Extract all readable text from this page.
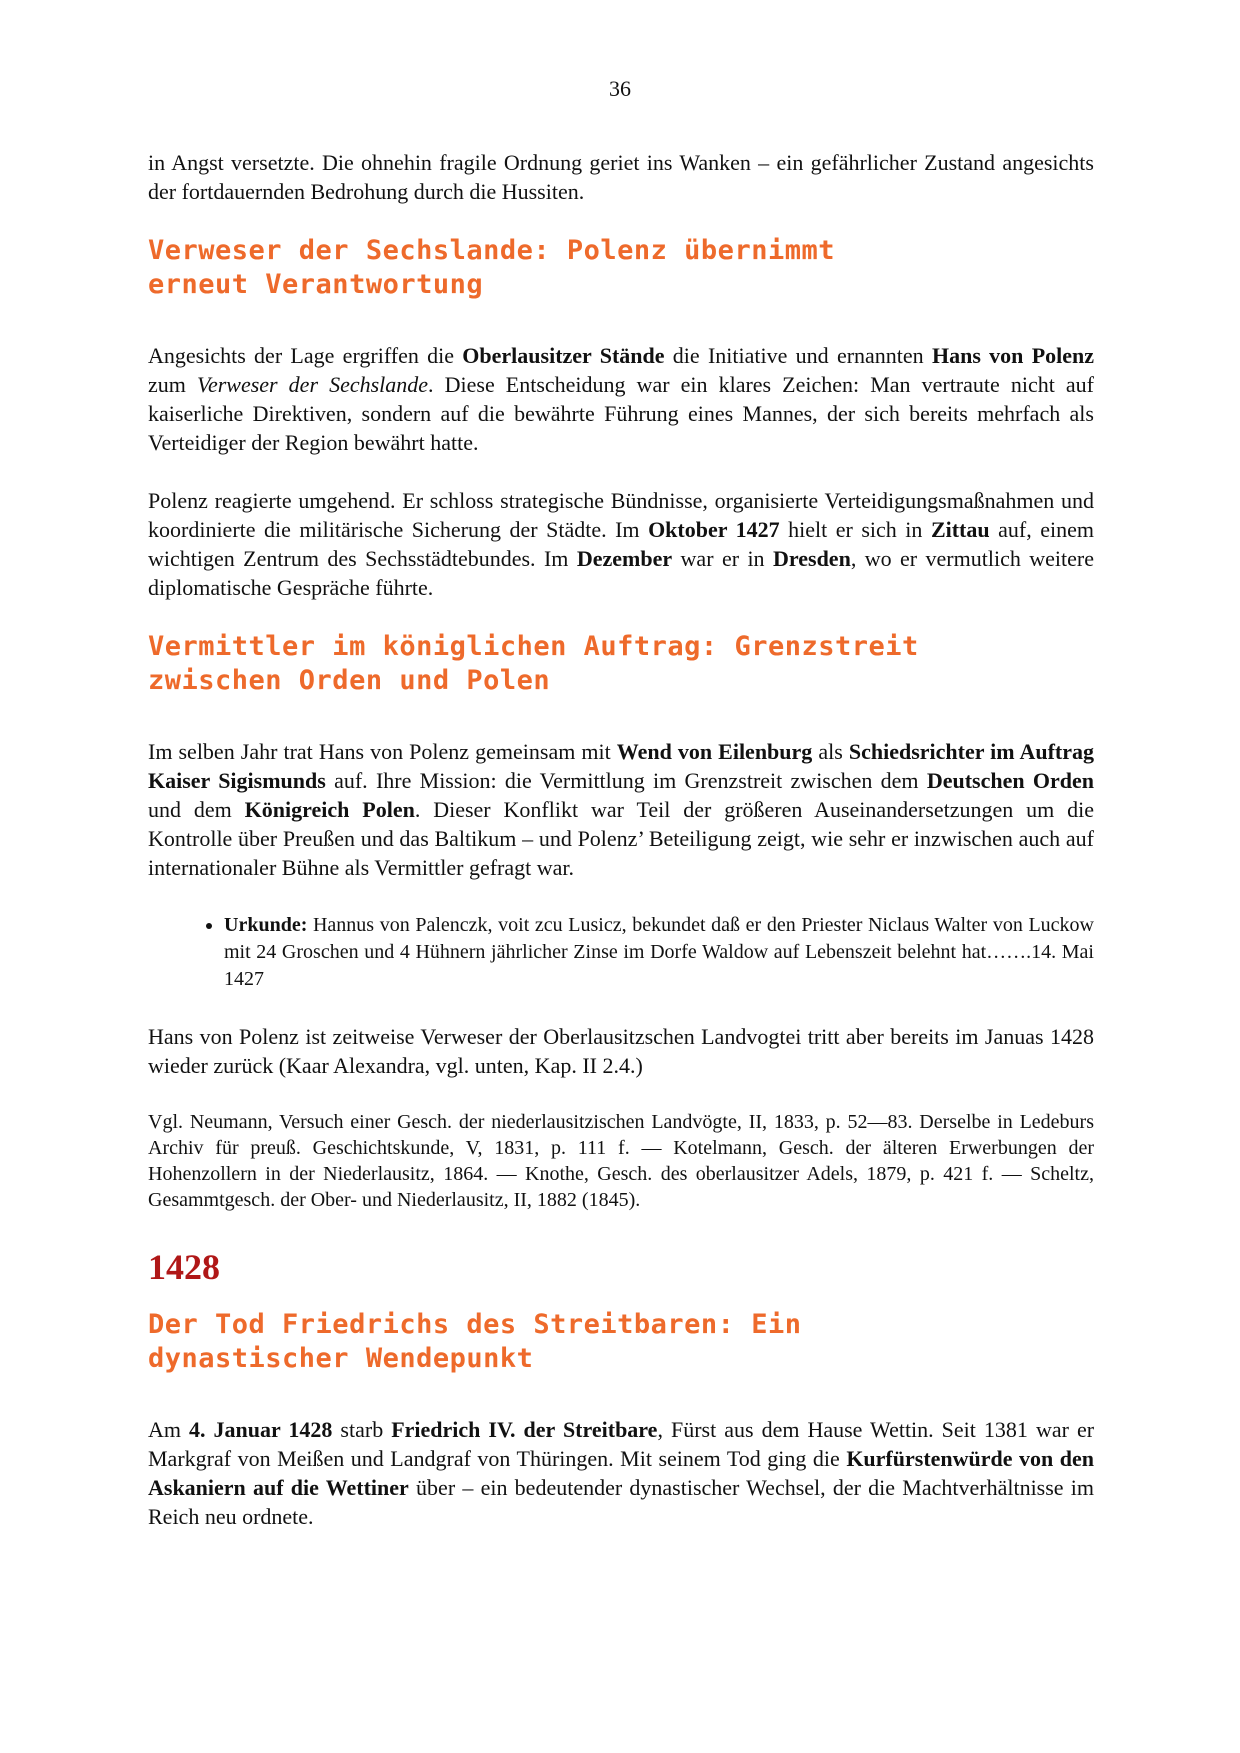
36

in Angst versetzte. Die ohnehin fragile Ordnung geriet ins Wanken – ein gefährlicher Zustand angesichts der fortdauernden Bedrohung durch die Hussiten.

Verweser der Sechslande: Polenz übernimmt
erneut Verantwortung

Angesichts der Lage ergriffen die Oberlausitzer Stände die Initiative und ernannten Hans von Polenz zum Verweser der Sechslande. Diese Entscheidung war ein klares Zeichen: Man vertraute nicht auf kaiserliche Direktiven, sondern auf die bewährte Führung eines Mannes, der sich bereits mehrfach als Verteidiger der Region bewährt hatte.

Polenz reagierte umgehend. Er schloss strategische Bündnisse, organisierte Verteidigungsmaßnahmen und koordinierte die militärische Sicherung der Städte. Im Oktober 1427 hielt er sich in Zittau auf, einem wichtigen Zentrum des Sechsstädtebundes. Im Dezember war er in Dresden, wo er vermutlich weitere diplomatische Gespräche führte.

Vermittler im königlichen Auftrag: Grenzstreit
zwischen Orden und Polen

Im selben Jahr trat Hans von Polenz gemeinsam mit Wend von Eilenburg als Schiedsrichter im Auftrag Kaiser Sigismunds auf. Ihre Mission: die Vermittlung im Grenzstreit zwischen dem Deutschen Orden und dem Königreich Polen. Dieser Konflikt war Teil der größeren Auseinandersetzungen um die Kontrolle über Preußen und das Baltikum – und Polenz’ Beteiligung zeigt, wie sehr er inzwischen auch auf internationaler Bühne als Vermittler gefragt war.

• Urkunde: Hannus von Palenczk, voit zcu Lusicz, bekundet daß er den Priester Niclaus Walter von Luckow mit 24 Groschen und 4 Hühnern jährlicher Zinse im Dorfe Waldow auf Lebenszeit belehnt hat…….14. Mai 1427

Hans von Polenz ist zeitweise Verweser der Oberlausitzschen Landvogtei tritt aber bereits im Januas 1428 wieder zurück (Kaar Alexandra, vgl. unten, Kap. II 2.4.)

Vgl. Neumann, Versuch einer Gesch. der niederlausitzischen Landvögte, II, 1833, p. 52—83. Derselbe in Ledeburs Archiv für preuß. Geschichtskunde, V, 1831, p. 111 f. — Kotelmann, Gesch. der älteren Erwerbungen der Hohenzollern in der Niederlausitz, 1864. — Knothe, Gesch. des oberlausitzer Adels, 1879, p. 421 f. — Scheltz, Gesammtgesch. der Ober- und Niederlausitz, II, 1882 (1845).

1428
Der Tod Friedrichs des Streitbaren: Ein
dynastischer Wendepunkt

Am 4. Januar 1428 starb Friedrich IV. der Streitbare, Fürst aus dem Hause Wettin. Seit 1381 war er Markgraf von Meißen und Landgraf von Thüringen. Mit seinem Tod ging die Kurfürstenwürde von den Askaniern auf die Wettiner über – ein bedeutender dynastischer Wechsel, der die Machtverhältnisse im Reich neu ordnete.
